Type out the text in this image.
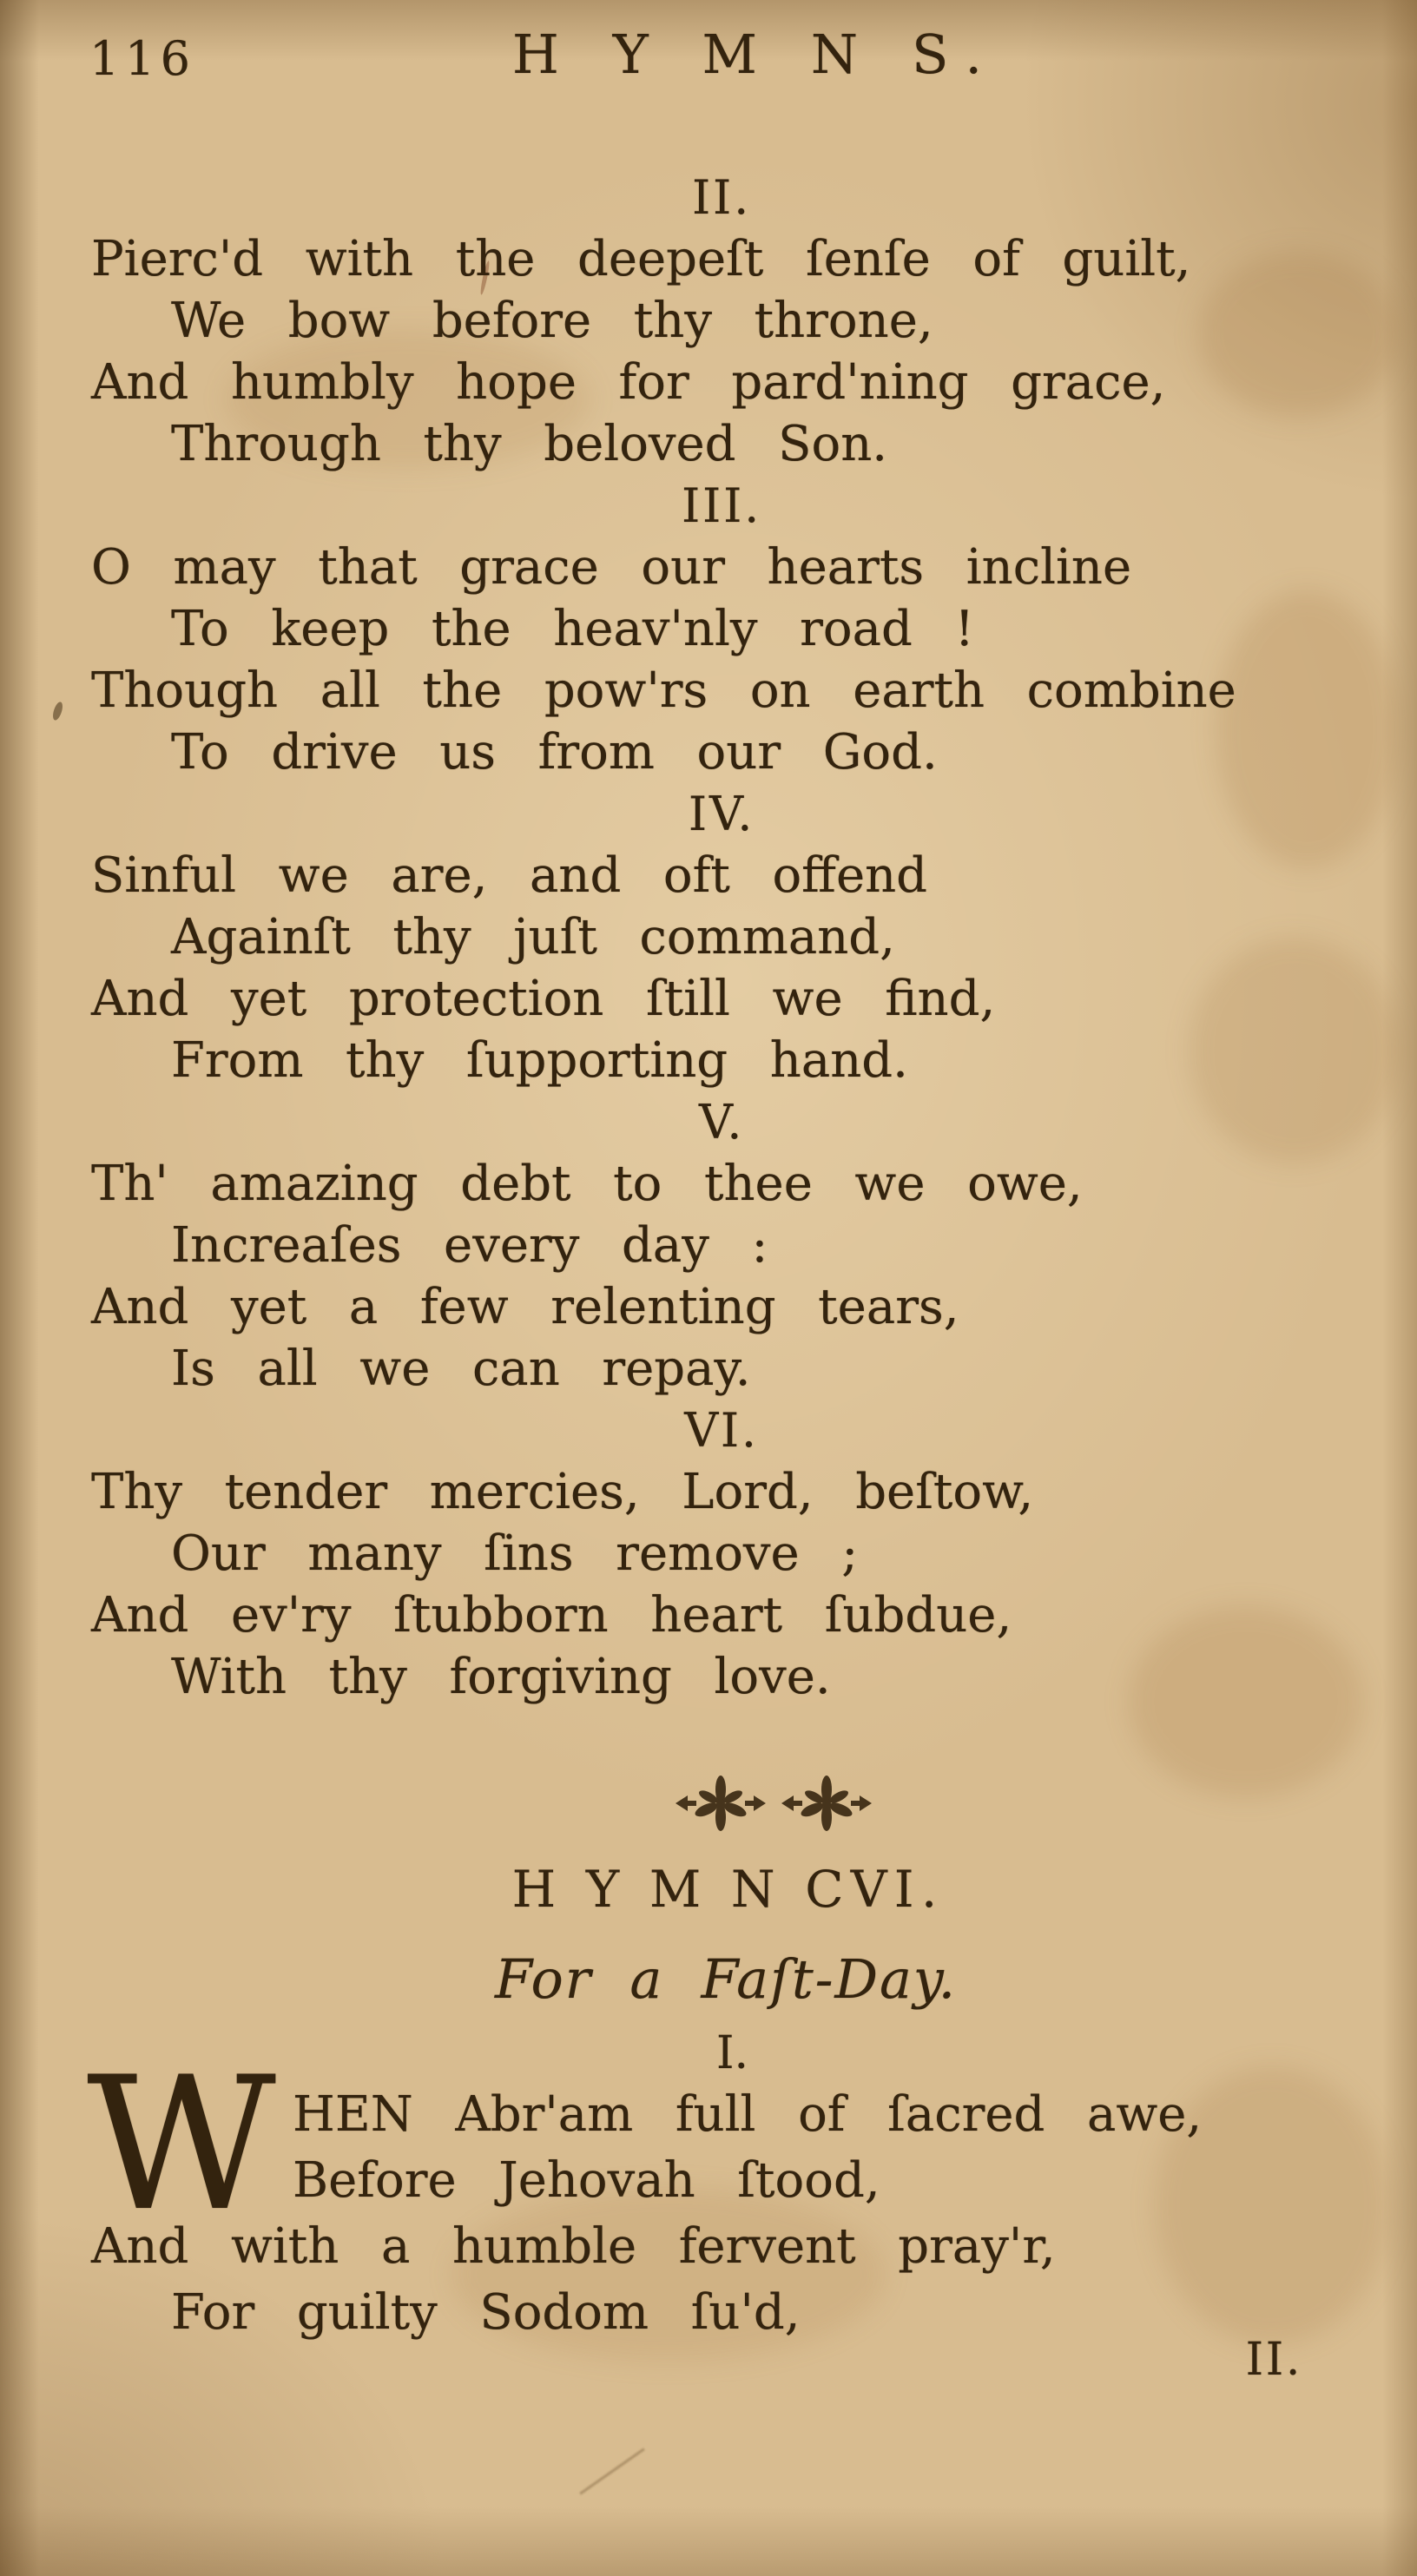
116	H Y M N S.
II.
Pierc'd with the deepeſt ſenſe of guilt,
We bow before thy throne,
And humbly hope for pard'ning grace,
Through thy beloved Son.
III.
O may that grace our hearts incline
To keep the heav'nly road !
Though all the pow'rs on earth combine
To drive us from our God.
IV.
Sinful we are, and oft offend
Againſt thy juſt command,
And yet protection ſtill we find,
From thy ſupporting hand.
V.
Th' amazing debt to thee we owe,
Increaſes every day :
And yet a few relenting tears,
Is all we can repay.
VI.
Thy tender mercies, Lord, beſtow,
Our many ſins remove ;
And ev'ry ſtubborn heart ſubdue,
With thy forgiving love.
H Y M N CVI.
For a Faſt-Day.
I.
W HEN Abr'am full of ſacred awe,
Before Jehovah ſtood,
And with a humble fervent pray'r,
For guilty Sodom ſu'd,
II.
